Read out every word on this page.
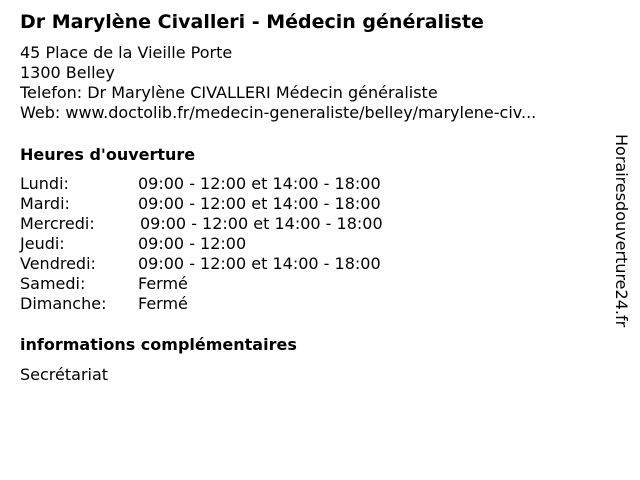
Dr Marylène Civalleri - Médecin généraliste
45 Place de la Vieille Porte
1300 Belley
Telefon: Dr Marylène CIVALLERI Médecin généraliste
Web: www.doctolib.fr/medecin-generaliste/belley/marylene-civ...
Heures d'ouverture
Lundi:	09:00 - 12:00 et 14:00 - 18:00
Mardi:	09:00 - 12:00 et 14:00 - 18:00
Mercredi:	09:00 - 12:00 et 14:00 - 18:00
Jeudi:	09:00 - 12:00
Vendredi:	09:00 - 12:00 et 14:00 - 18:00
Samedi:	Fermé
Dimanche: Fermé
informations complémentaires
Secrétariat
Horairesdouverture24.fr
